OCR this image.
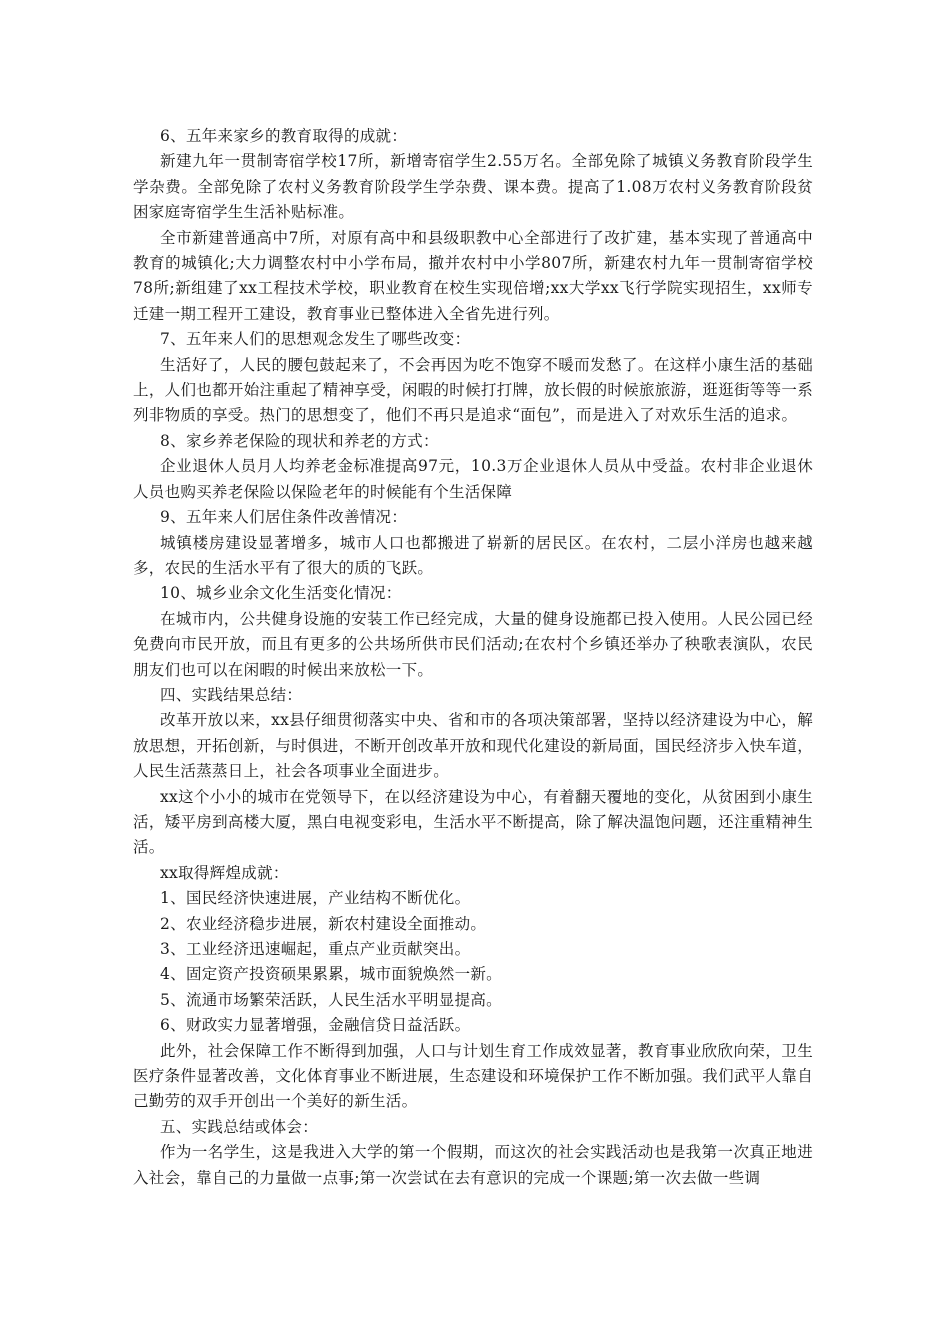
6、五年来家乡的教育取得的成就：

新建九年一贯制寄宿学校17所，新增寄宿学生2.55万名。全部免除了城镇义务教育阶段学生学杂费。全部免除了农村义务教育阶段学生学杂费、课本费。提高了1.08万农村义务教育阶段贫困家庭寄宿学生生活补贴标准。

全市新建普通高中7所，对原有高中和县级职教中心全部进行了改扩建，基本实现了普通高中教育的城镇化;大力调整农村中小学布局，撤并农村中小学807所，新建农村九年一贯制寄宿学校78所;新组建了xx工程技术学校，职业教育在校生实现倍增;xx大学xx飞行学院实现招生，xx师专迁建一期工程开工建设，教育事业已整体进入全省先进行列。

7、五年来人们的思想观念发生了哪些改变：

生活好了，人民的腰包鼓起来了，不会再因为吃不饱穿不暖而发愁了。在这样小康生活的基础上，人们也都开始注重起了精神享受，闲暇的时候打打牌，放长假的时候旅旅游，逛逛街等等一系列非物质的享受。热门的思想变了，他们不再只是追求“面包”，而是进入了对欢乐生活的追求。

8、家乡养老保险的现状和养老的方式：

企业退休人员月人均养老金标准提高97元，10.3万企业退休人员从中受益。农村非企业退休人员也购买养老保险以保险老年的时候能有个生活保障

9、五年来人们居住条件改善情况：

城镇楼房建设显著增多，城市人口也都搬进了崭新的居民区。在农村，二层小洋房也越来越多，农民的生活水平有了很大的质的飞跃。

10、城乡业余文化生活变化情况：

在城市内，公共健身设施的安装工作已经完成，大量的健身设施都已投入使用。人民公园已经免费向市民开放，而且有更多的公共场所供市民们活动;在农村个乡镇还举办了秧歌表演队，农民朋友们也可以在闲暇的时候出来放松一下。

四、实践结果总结：

改革开放以来，xx县仔细贯彻落实中央、省和市的各项决策部署，坚持以经济建设为中心，解放思想，开拓创新，与时俱进，不断开创改革开放和现代化建设的新局面，国民经济步入快车道，人民生活蒸蒸日上，社会各项事业全面进步。

xx这个小小的城市在党领导下，在以经济建设为中心，有着翻天覆地的变化，从贫困到小康生活，矮平房到高楼大厦，黑白电视变彩电，生活水平不断提高，除了解决温饱问题，还注重精神生活。

xx取得辉煌成就：

1、国民经济快速进展，产业结构不断优化。

2、农业经济稳步进展，新农村建设全面推动。

3、工业经济迅速崛起，重点产业贡献突出。

4、固定资产投资硕果累累，城市面貌焕然一新。

5、流通市场繁荣活跃，人民生活水平明显提高。

6、财政实力显著增强，金融信贷日益活跃。

此外，社会保障工作不断得到加强，人口与计划生育工作成效显著，教育事业欣欣向荣，卫生医疗条件显著改善，文化体育事业不断进展，生态建设和环境保护工作不断加强。我们武平人靠自己勤劳的双手开创出一个美好的新生活。

五、实践总结或体会：

作为一名学生，这是我进入大学的第一个假期，而这次的社会实践活动也是我第一次真正地进入社会，靠自己的力量做一点事;第一次尝试在去有意识的完成一个课题;第一次去做一些调
